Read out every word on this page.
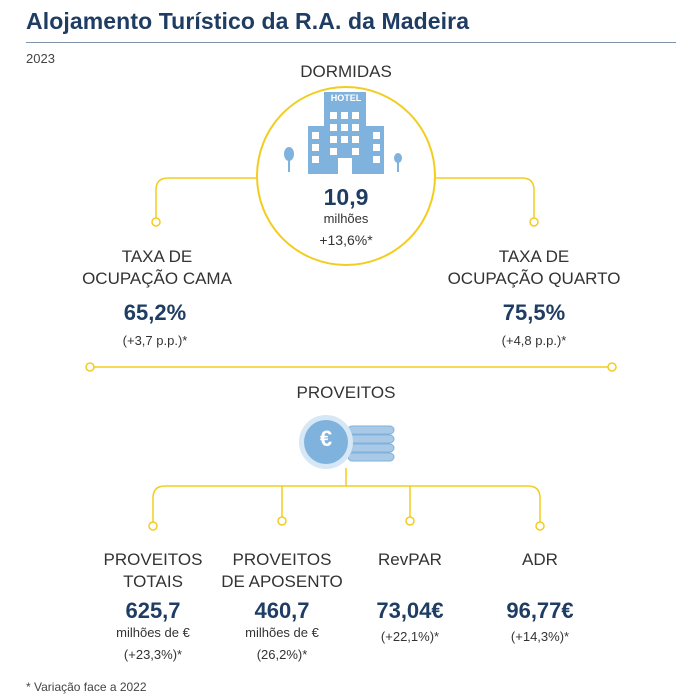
Alojamento Turístico da R.A. da Madeira
2023
HOTEL
DORMIDAS
10,9
milhões
+13,6%*
TAXA DE
OCUPAÇÃO CAMA
65,2%
(+3,7 p.p.)*
TAXA DE
OCUPAÇÃO QUARTO
75,5%
(+4,8 p.p.)*
PROVEITOS
€
PROVEITOS
TOTAIS
625,7
milhões de €
(+23,3%)*
PROVEITOS
DE APOSENTO
460,7
milhões de €
(26,2%)*
RevPAR
73,04€
(+22,1%)*
ADR
96,77€
(+14,3%)*
* Variação face a 2022
